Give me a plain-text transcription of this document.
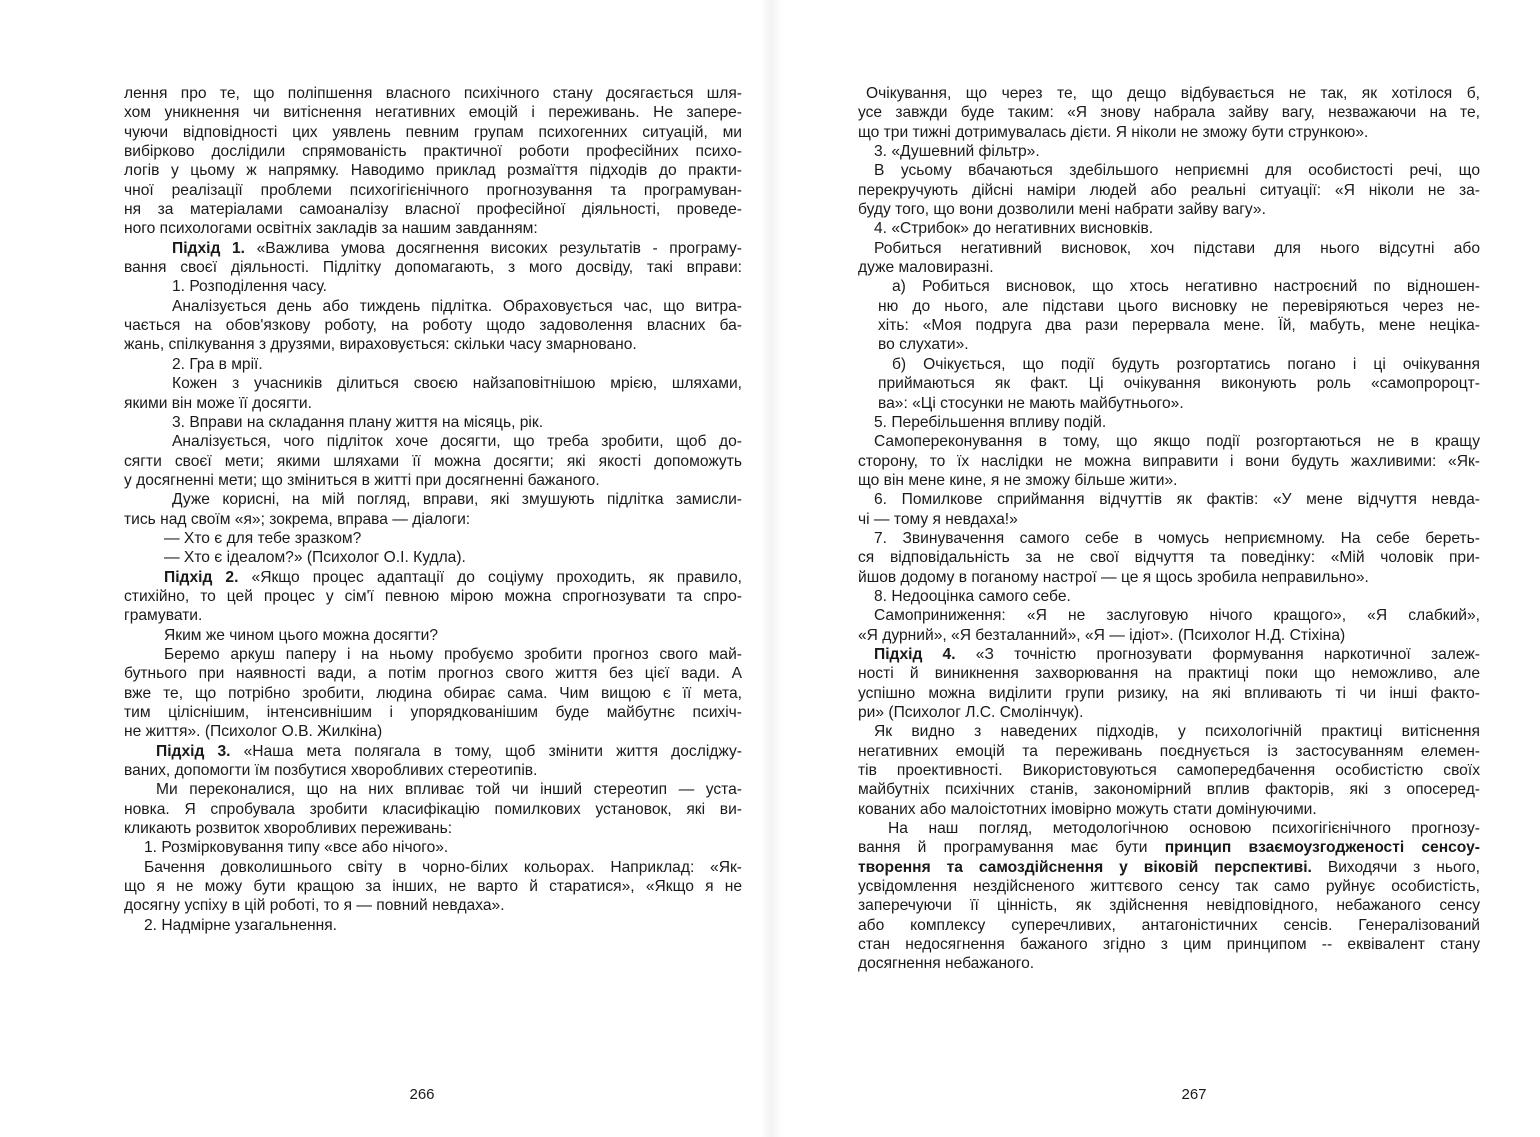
лення про те, що поліпшення власного психічного стану досягається шля-
хом уникнення чи витіснення негативних емоцій і переживань. Не запере-
чуючи відповідності цих уявлень певним групам психогенних ситуацій, ми
вибірково дослідили спрямованість практичної роботи професійних психо-
логів у цьому ж напрямку. Наводимо приклад розмаїття підходів до практи-
чної реалізації проблеми психогігієнічного прогнозування та програмуван-
ня за матеріалами самоаналізу власної професійної діяльності, проведе-
ного психологами освітніх закладів за нашим завданням:
Підхід 1. «Важлива умова досягнення високих результатів - програму-
вання своєї діяльності. Підлітку допомагають, з мого досвіду, такі вправи:
1. Розподілення часу.
Аналізується день або тиждень підлітка. Обраховується час, що витра-
чається на обов'язкову роботу, на роботу щодо задоволення власних ба-
жань, спілкування з друзями, вираховується: скільки часу змарновано.
2. Гра в мрії.
Кожен з учасників ділиться своєю найзаповітнішою мрією, шляхами,
якими він може її досягти.
3. Вправи на складання плану життя на місяць, рік.
Аналізується, чого підліток хоче досягти, що треба зробити, щоб до-
сягти своєї мети; якими шляхами її можна досягти; які якості допоможуть
у досягненні мети; що зміниться в житті при досягненні бажаного.
Дуже корисні, на мій погляд, вправи, які змушують підлітка замисли-
тись над своїм «я»; зокрема, вправа — діалоги:
— Хто є для тебе зразком?
— Хто є ідеалом?» (Психолог О.І. Кудла).
Підхід 2. «Якщо процес адаптації до соціуму проходить, як правило,
стихійно, то цей процес у сім'ї певною мірою можна спрогнозувати та спро-
грамувати.
Яким же чином цього можна досягти?
Беремо аркуш паперу і на ньому пробуємо зробити прогноз свого май-
бутнього при наявності вади, а потім прогноз свого життя без цієї вади. А
вже те, що потрібно зробити, людина обирає сама. Чим вищою є її мета,
тим ціліснішим, інтенсивнішим і упорядкованішим буде майбутнє психіч-
не життя». (Психолог О.В. Жилкіна)
Підхід 3. «Наша мета полягала в тому, щоб змінити життя досліджу-
ваних, допомогти їм позбутися хворобливих стереотипів.
Ми переконалися, що на них впливає той чи інший стереотип — уста-
новка. Я спробувала зробити класифікацію помилкових установок, які ви-
кликають розвиток хворобливих переживань:
1. Розмірковування типу «все або нічого».
Бачення довколишнього світу в чорно-білих кольорах. Наприклад: «Як-
що я не можу бути кращою за інших, не варто й старатися», «Якщо я не
досягну успіху в цій роботі, то я — повний невдаха».
2. Надмірне узагальнення.
266
Очікування, що через те, що дещо відбувається не так, як хотілося б,
усе завжди буде таким: «Я знову набрала зайву вагу, незважаючи на те,
що три тижні дотримувалась дієти. Я ніколи не зможу бути стрункою».
3. «Душевний фільтр».
В усьому вбачаються здебільшого неприємні для особистості речі, що
перекручують дійсні наміри людей або реальні ситуації: «Я ніколи не за-
буду того, що вони дозволили мені набрати зайву вагу».
4. «Стрибок» до негативних висновків.
Робиться негативний висновок, хоч підстави для нього відсутні або
дуже маловиразні.
а) Робиться висновок, що хтось негативно настроєний по відношен-
ню до нього, але підстави цього висновку не перевіряються через не-
хіть: «Моя подруга два рази перервала мене. Їй, мабуть, мене неціка-
во слухати».
б) Очікується, що події будуть розгортатись погано і ці очікування
приймаються як факт. Ці очікування виконують роль «самопророцт-
ва»: «Ці стосунки не мають майбутнього».
5. Перебільшення впливу подій.
Самопереконування в тому, що якщо події розгортаються не в кращу
сторону, то їх наслідки не можна виправити і вони будуть жахливими: «Як-
що він мене кине, я не зможу більше жити».
6. Помилкове сприймання відчуттів як фактів: «У мене відчуття невда-
чі — тому я невдаха!»
7. Звинувачення самого себе в чомусь неприємному. На себе береть-
ся відповідальність за не свої відчуття та поведінку: «Мій чоловік при-
йшов додому в поганому настрої — це я щось зробила неправильно».
8. Недооцінка самого себе.
Самоприниження: «Я не заслуговую нічого кращого», «Я слабкий»,
«Я дурний», «Я безталанний», «Я — ідіот». (Психолог Н.Д. Стіхіна)
Підхід 4. «З точністю прогнозувати формування наркотичної залеж-
ності й виникнення захворювання на практиці поки що неможливо, але
успішно можна виділити групи ризику, на які впливають ті чи інші факто-
ри» (Психолог Л.С. Смолінчук).
Як видно з наведених підходів, у психологічній практиці витіснення
негативних емоцій та переживань поєднується із застосуванням елемен-
тів проективності. Використовуються самопередбачення особистістю своїх
майбутніх психічних станів, закономірний вплив факторів, які з опосеред-
кованих або малоістотних імовірно можуть стати домінуючими.
На наш погляд, методологічною основою психогігієнічного прогнозу-
вання й програмування має бути принцип взаємоузгодженості сенсоу-
творення та самоздійснення у віковій перспективі. Виходячи з нього,
усвідомлення нездійсненого життєвого сенсу так само руйнує особистість,
заперечуючи її цінність, як здійснення невідповідного, небажаного сенсу
або комплексу суперечливих, антагоністичних сенсів. Генералізований
стан недосягнення бажаного згідно з цим принципом -- еквівалент стану
досягнення небажаного.
267
